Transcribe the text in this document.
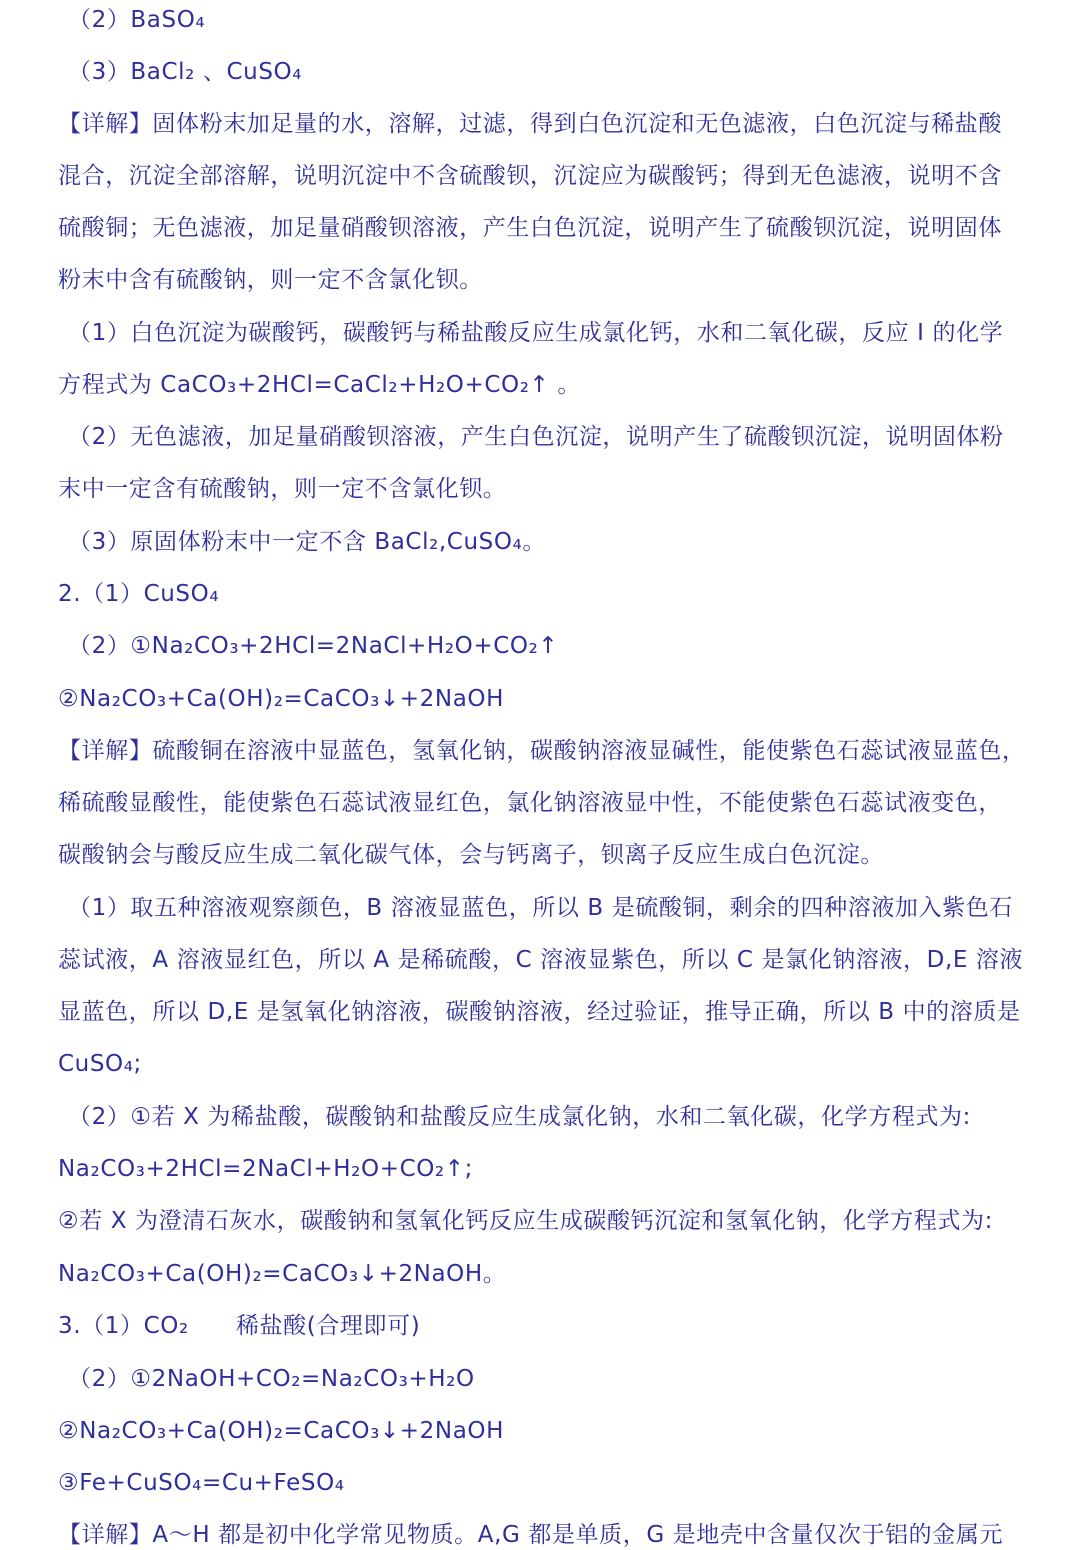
（2）BaSO₄
（3）BaCl₂ 、CuSO₄
【详解】固体粉末加足量的水，溶解，过滤，得到白色沉淀和无色滤液，白色沉淀与稀盐酸
混合，沉淀全部溶解，说明沉淀中不含硫酸钡，沉淀应为碳酸钙；得到无色滤液，说明不含
硫酸铜；无色滤液，加足量硝酸钡溶液，产生白色沉淀，说明产生了硫酸钡沉淀，说明固体
粉末中含有硫酸钠，则一定不含氯化钡。
（1）白色沉淀为碳酸钙，碳酸钙与稀盐酸反应生成氯化钙，水和二氧化碳，反应 I 的化学
方程式为 CaCO₃+2HCl=CaCl₂+H₂O+CO₂↑ 。
（2）无色滤液，加足量硝酸钡溶液，产生白色沉淀，说明产生了硫酸钡沉淀，说明固体粉
末中一定含有硫酸钠，则一定不含氯化钡。
（3）原固体粉末中一定不含 BaCl₂,CuSO₄。
2.（1）CuSO₄
（2）①Na₂CO₃+2HCl=2NaCl+H₂O+CO₂↑
②Na₂CO₃+Ca(OH)₂=CaCO₃↓+2NaOH
【详解】硫酸铜在溶液中显蓝色，氢氧化钠，碳酸钠溶液显碱性，能使紫色石蕊试液显蓝色，
稀硫酸显酸性，能使紫色石蕊试液显红色，氯化钠溶液显中性，不能使紫色石蕊试液变色，
碳酸钠会与酸反应生成二氧化碳气体，会与钙离子，钡离子反应生成白色沉淀。
（1）取五种溶液观察颜色，B 溶液显蓝色，所以 B 是硫酸铜，剩余的四种溶液加入紫色石
蕊试液，A 溶液显红色，所以 A 是稀硫酸，C 溶液显紫色，所以 C 是氯化钠溶液，D,E 溶液
显蓝色，所以 D,E 是氢氧化钠溶液，碳酸钠溶液，经过验证，推导正确，所以 B 中的溶质是
CuSO₄;
（2）①若 X 为稀盐酸，碳酸钠和盐酸反应生成氯化钠，水和二氧化碳，化学方程式为:
Na₂CO₃+2HCl=2NaCl+H₂O+CO₂↑;
②若 X 为澄清石灰水，碳酸钠和氢氧化钙反应生成碳酸钙沉淀和氢氧化钠，化学方程式为:
Na₂CO₃+Ca(OH)₂=CaCO₃↓+2NaOH。
3.（1）CO₂　　稀盐酸(合理即可)
（2）①2NaOH+CO₂=Na₂CO₃+H₂O
②Na₂CO₃+Ca(OH)₂=CaCO₃↓+2NaOH
③Fe+CuSO₄=Cu+FeSO₄
【详解】A～H 都是初中化学常见物质。A,G 都是单质，G 是地壳中含量仅次于铝的金属元
